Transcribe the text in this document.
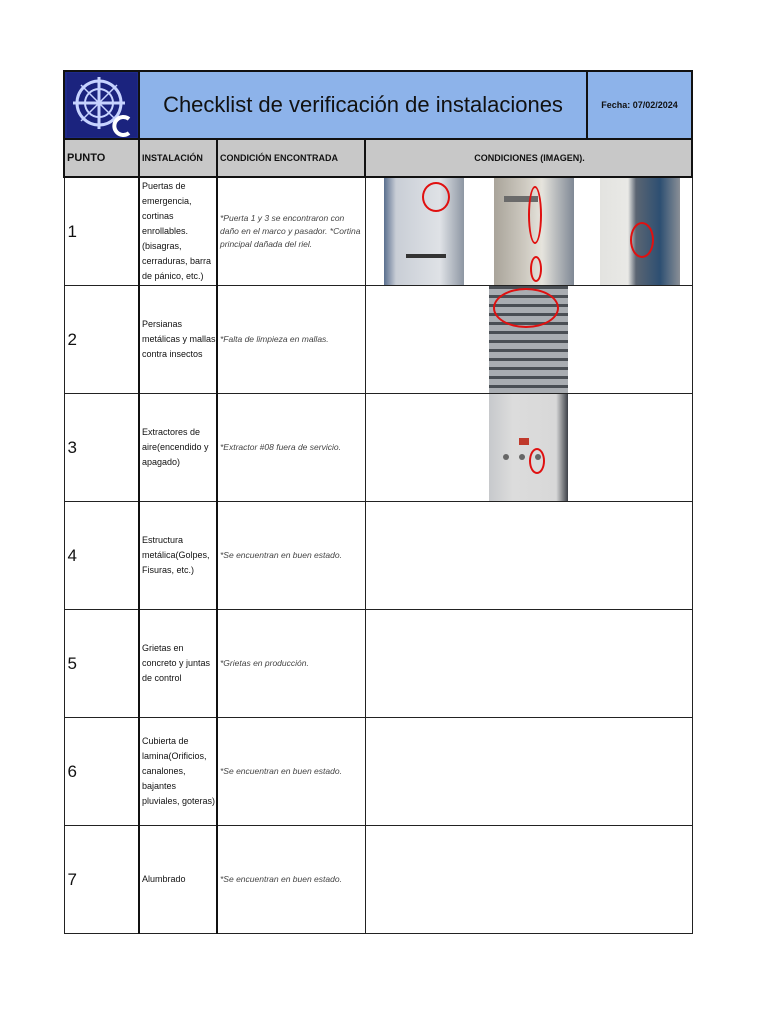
	Checklist de verificación de instalaciones			Fecha: 07/02/2024
PUNTO	INSTALACIÓN	CONDICIÓN ENCONTRADA	CONDICIONES (IMAGEN).	
1	Puertas de emergencia, cortinas enrollables. (bisagras, cerraduras, barra de pánico, etc.)	*Puerta 1 y 3 se encontraron con daño en el marco y pasador. *Cortina principal dañada del riel.		

2	Persianas metálicas y mallas contra insectos	*Falta de limpieza en mallas.		

3	Extractores de aire(encendido y apagado)	*Extractor #08 fuera de servicio.		

4	Estructura metálica(Golpes, Fisuras, etc.)	*Se encuentran en buen estado.		
5	Grietas en concreto y juntas de control	*Grietas en producción.		
6	Cubierta de lamina(Orificios, canalones, bajantes pluviales, goteras)	*Se encuentran en buen estado.		
7	Alumbrado	*Se encuentran en buen estado.		
